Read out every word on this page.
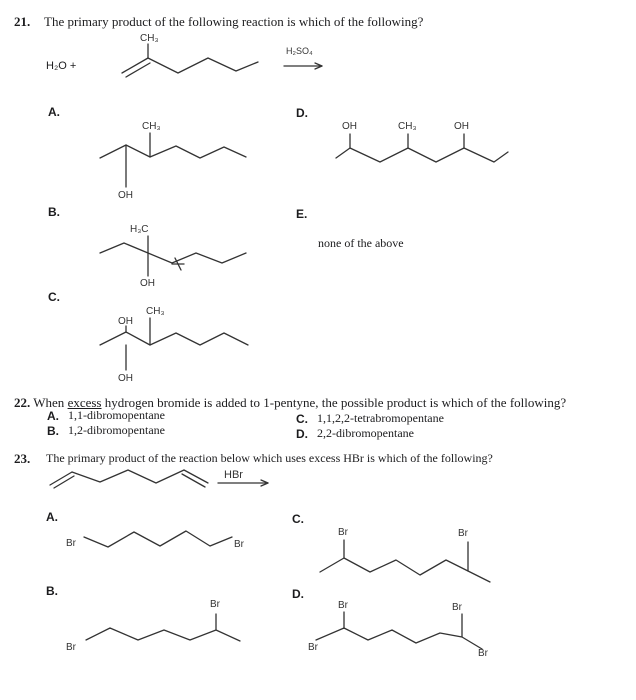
21. The primary product of the following reaction is which of the following?
CH₃
H₂O +
H₂SO₄
A.
CH₃
OH
B.
H₃C
OH
C.
OH
CH₃
OH
D.
OH	CH₃	OH
E.
none of the above
22. When excess hydrogen bromide is added to 1-pentyne, the possible product is which of the following?
A. 1,1-dibromopentane
B. 1,2-dibromopentane
C. 1,1,2,2-tetrabromopentane
D. 2,2-dibromopentane
23. The primary product of the reaction below which uses excess HBr is which of the following?
HBr
A.
Br	Br
B.
Br
Br
C.
Br	Br
D.
Br	Br
Br
Br
